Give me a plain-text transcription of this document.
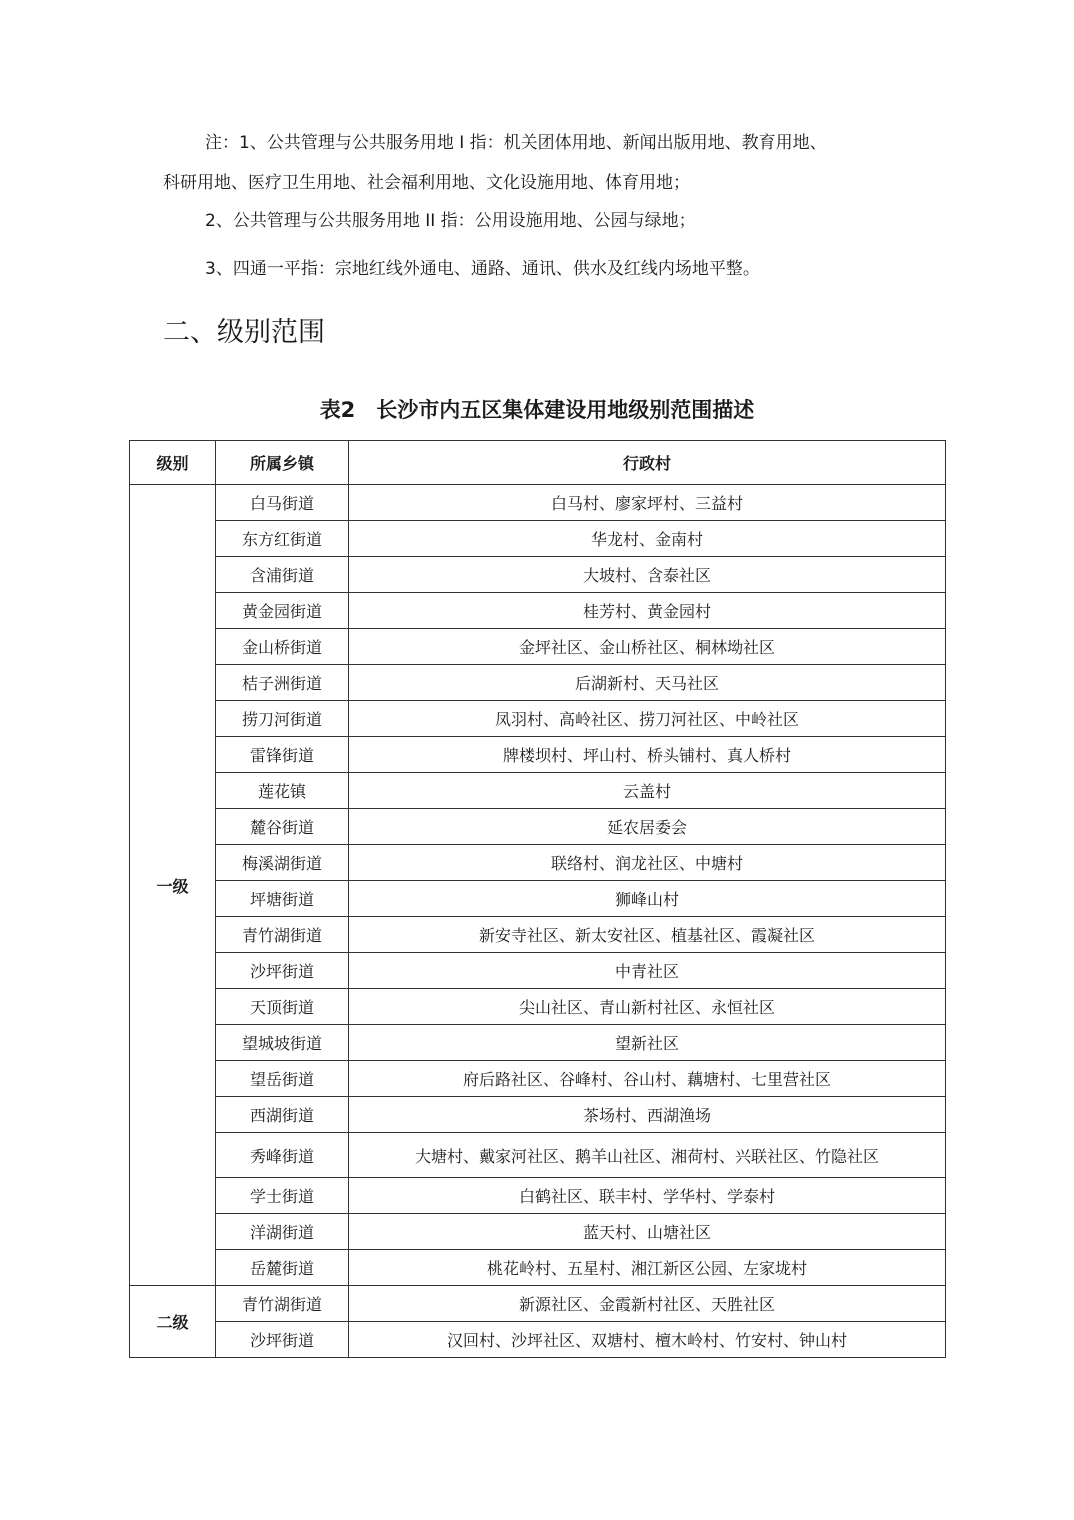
注：1、公共管理与公共服务用地 I 指：机关团体用地、新闻出版用地、教育用地、
科研用地、医疗卫生用地、社会福利用地、文化设施用地、体育用地；
2、公共管理与公共服务用地 II 指：公用设施用地、公园与绿地；
3、四通一平指：宗地红线外通电、通路、通讯、供水及红线内场地平整。
二、级别范围
表2　长沙市内五区集体建设用地级别范围描述
级别	所属乡镇	行政村
一级	白马街道	白马村、廖家坪村、三益村
	东方红街道	华龙村、金南村
	含浦街道	大坡村、含泰社区
	黄金园街道	桂芳村、黄金园村
	金山桥街道	金坪社区、金山桥社区、桐林坳社区
	桔子洲街道	后湖新村、天马社区
	捞刀河街道	凤羽村、高岭社区、捞刀河社区、中岭社区
	雷锋街道	牌楼坝村、坪山村、桥头铺村、真人桥村
	莲花镇	云盖村
	麓谷街道	延农居委会
	梅溪湖街道	联络村、润龙社区、中塘村
	坪塘街道	狮峰山村
	青竹湖街道	新安寺社区、新太安社区、植基社区、霞凝社区
	沙坪街道	中青社区
	天顶街道	尖山社区、青山新村社区、永恒社区
	望城坡街道	望新社区
	望岳街道	府后路社区、谷峰村、谷山村、藕塘村、七里营社区
	西湖街道	茶场村、西湖渔场
	秀峰街道	大塘村、戴家河社区、鹅羊山社区、湘荷村、兴联社区、竹隐社区
	学士街道	白鹤社区、联丰村、学华村、学泰村
	洋湖街道	蓝天村、山塘社区
	岳麓街道	桃花岭村、五星村、湘江新区公园、左家垅村
二级	青竹湖街道	新源社区、金霞新村社区、天胜社区
	沙坪街道	汉回村、沙坪社区、双塘村、檀木岭村、竹安村、钟山村
